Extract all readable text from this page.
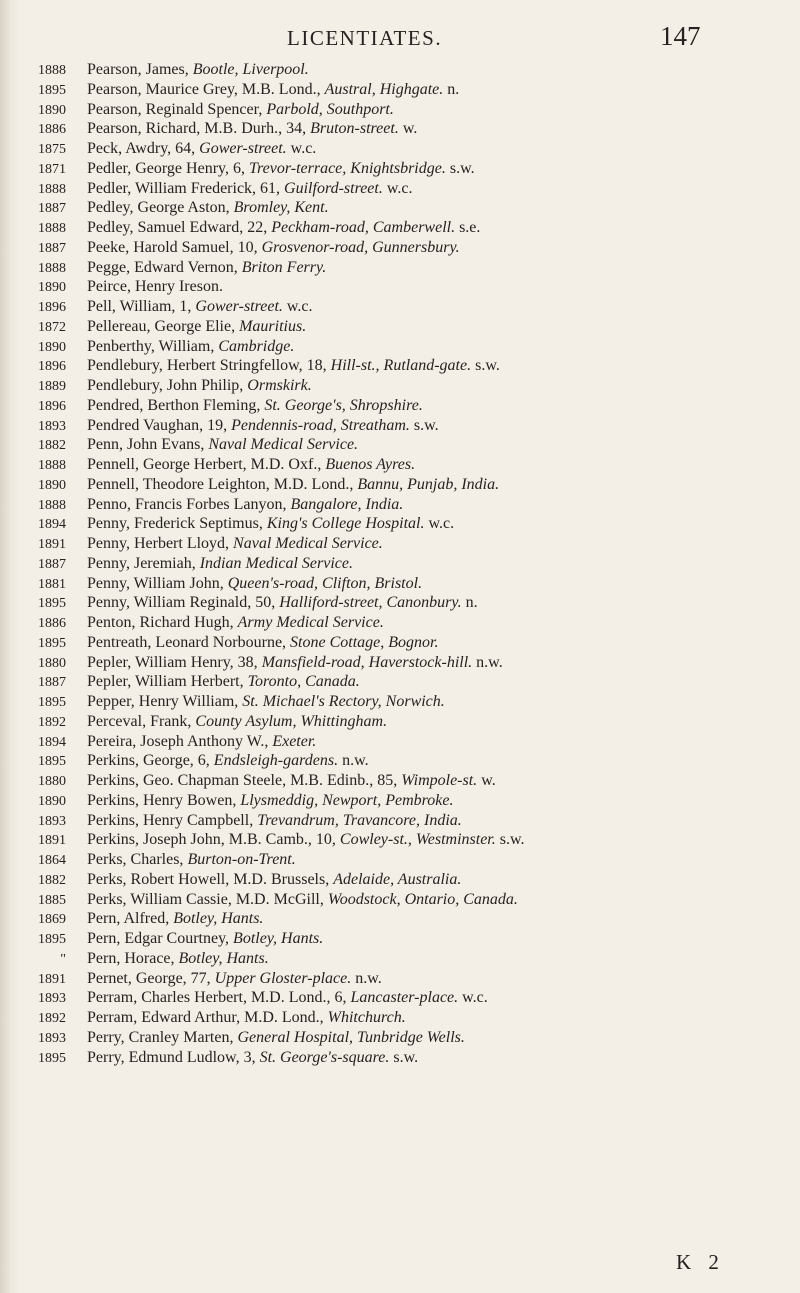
LICENTIATES.	147
1888 Pearson, James, Bootle, Liverpool.
1895 Pearson, Maurice Grey, M.B. Lond., Austral, Highgate. n.
1890 Pearson, Reginald Spencer, Parbold, Southport.
1886 Pearson, Richard, M.B. Durh., 34, Bruton-street. w.
1875 Peck, Awdry, 64, Gower-street. w.c.
1871 Pedler, George Henry, 6, Trevor-terrace, Knightsbridge. s.w.
1888 Pedler, William Frederick, 61, Guilford-street. w.c.
1887 Pedley, George Aston, Bromley, Kent.
1888 Pedley, Samuel Edward, 22, Peckham-road, Camberwell. s.e.
1887 Peeke, Harold Samuel, 10, Grosvenor-road, Gunnersbury.
1888 Pegge, Edward Vernon, Briton Ferry.
1890 Peirce, Henry Ireson.
1896 Pell, William, 1, Gower-street. w.c.
1872 Pellereau, George Elie, Mauritius.
1890 Penberthy, William, Cambridge.
1896 Pendlebury, Herbert Stringfellow, 18, Hill-st., Rutland-gate. s.w.
1889 Pendlebury, John Philip, Ormskirk.
1896 Pendred, Berthon Fleming, St. George's, Shropshire.
1893 Pendred Vaughan, 19, Pendennis-road, Streatham. s.w.
1882 Penn, John Evans, Naval Medical Service.
1888 Pennell, George Herbert, M.D. Oxf., Buenos Ayres.
1890 Pennell, Theodore Leighton, M.D. Lond., Bannu, Punjab, India.
1888 Penno, Francis Forbes Lanyon, Bangalore, India.
1894 Penny, Frederick Septimus, King's College Hospital. w.c.
1891 Penny, Herbert Lloyd, Naval Medical Service.
1887 Penny, Jeremiah, Indian Medical Service.
1881 Penny, William John, Queen's-road, Clifton, Bristol.
1895 Penny, William Reginald, 50, Halliford-street, Canonbury. n.
1886 Penton, Richard Hugh, Army Medical Service.
1895 Pentreath, Leonard Norbourne, Stone Cottage, Bognor.
1880 Pepler, William Henry, 38, Mansfield-road, Haverstock-hill. n.w.
1887 Pepler, William Herbert, Toronto, Canada.
1895 Pepper, Henry William, St. Michael's Rectory, Norwich.
1892 Perceval, Frank, County Asylum, Whittingham.
1894 Pereira, Joseph Anthony W., Exeter.
1895 Perkins, George, 6, Endsleigh-gardens. n.w.
1880 Perkins, Geo. Chapman Steele, M.B. Edinb., 85, Wimpole-st. w.
1890 Perkins, Henry Bowen, Llysmeddig, Newport, Pembroke.
1893 Perkins, Henry Campbell, Trevandrum, Travancore, India.
1891 Perkins, Joseph John, M.B. Camb., 10, Cowley-st., Westminster. s.w.
1864 Perks, Charles, Burton-on-Trent.
1882 Perks, Robert Howell, M.D. Brussels, Adelaide, Australia.
1885 Perks, William Cassie, M.D. McGill, Woodstock, Ontario, Canada.
1869 Pern, Alfred, Botley, Hants.
1895 Pern, Edgar Courtney, Botley, Hants.
" Pern, Horace, Botley, Hants.
1891 Pernet, George, 77, Upper Gloster-place. n.w.
1893 Perram, Charles Herbert, M.D. Lond., 6, Lancaster-place. w.c.
1892 Perram, Edward Arthur, M.D. Lond., Whitchurch.
1893 Perry, Cranley Marten, General Hospital, Tunbridge Wells.
1895 Perry, Edmund Ludlow, 3, St. George's-square. s.w.
K 2
